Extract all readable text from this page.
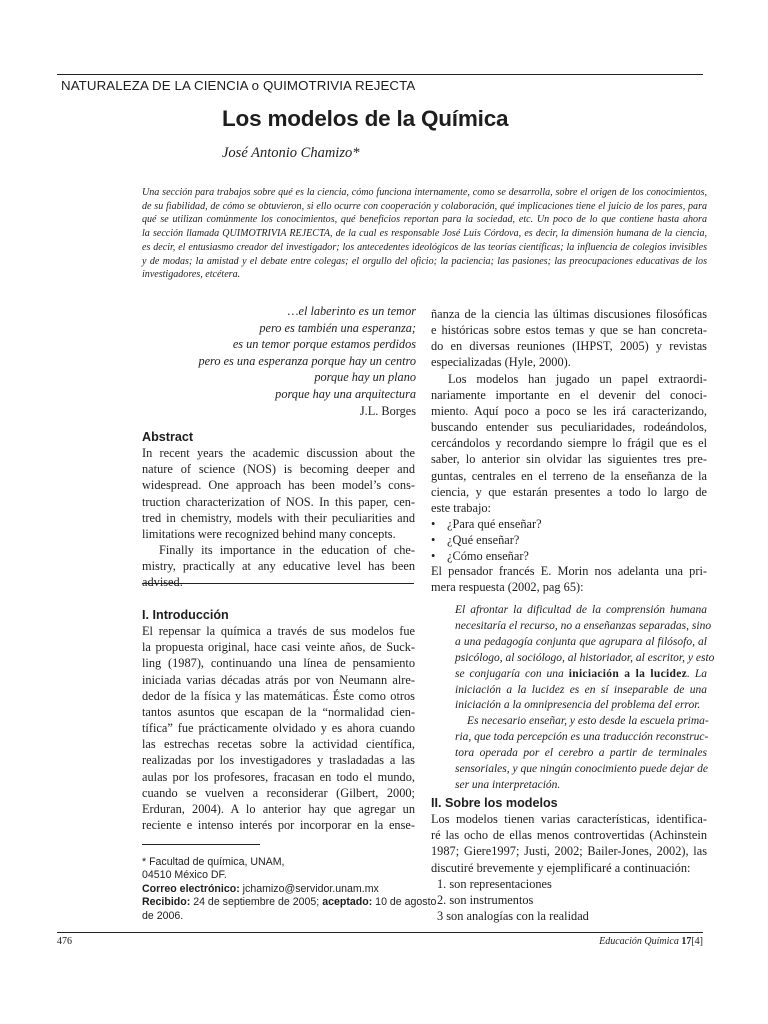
NATURALEZA DE LA CIENCIA o QUIMOTRIVIA REJECTA
Los modelos de la Química
José Antonio Chamizo*
Una sección para trabajos sobre qué es la ciencia, cómo funciona internamente, como se desarrolla, sobre el origen de los conocimientos,
de su fiabilidad, de cómo se obtuvieron, si ello ocurre con cooperación y colaboración, qué implicaciones tiene el juicio de los pares, para
qué se utilizan comúnmente los conocimientos, qué beneficios reportan para la sociedad, etc. Un poco de lo que contiene hasta ahora
la sección llamada QUIMOTRIVIA REJECTA, de la cual es responsable José Luis Córdova, es decir, la dimensión humana de la ciencia,
es decir, el entusiasmo creador del investigador; los antecedentes ideológicos de las teorías científicas; la influencia de colegios invisibles
y de modas; la amistad y el debate entre colegas; el orgullo del oficio; la paciencia; las pasiones; las preocupaciones educativas de los
investigadores, etcétera.
…el laberinto es un temor
pero es también una esperanza;
es un temor porque estamos perdidos
pero es una esperanza porque hay un centro
porque hay un plano
porque hay una arquitectura
J.L. Borges
Abstract
In recent years the academic discussion about the
nature of science (NOS) is becoming deeper and
widespread. One approach has been model’s cons-
truction characterization of NOS. In this paper, cen-
tred in chemistry, models with their peculiarities and
limitations were recognized behind many concepts.
Finally its importance in the education of che-
mistry, practically at any educative level has been
advised.
I. Introducción
El repensar la química a través de sus modelos fue
la propuesta original, hace casi veinte años, de Suck-
ling (1987), continuando una línea de pensamiento
iniciada varias décadas atrás por von Neumann alre-
dedor de la física y las matemáticas. Éste como otros
tantos asuntos que escapan de la “normalidad cien-
tífica” fue prácticamente olvidado y es ahora cuando
las estrechas recetas sobre la actividad científica,
realizadas por los investigadores y trasladadas a las
aulas por los profesores, fracasan en todo el mundo,
cuando se vuelven a reconsiderar (Gilbert, 2000;
Erduran, 2004). A lo anterior hay que agregar un
reciente e intenso interés por incorporar en la ense-
* Facultad de química, UNAM,
04510 México DF.
Correo electrónico: jchamizo@servidor.unam.mx
Recibido: 24 de septiembre de 2005; aceptado: 10 de agosto
de 2006.
ñanza de la ciencia las últimas discusiones filosóficas
e históricas sobre estos temas y que se han concreta-
do en diversas reuniones (IHPST, 2005) y revistas
especializadas (Hyle, 2000).
Los modelos han jugado un papel extraordi-
nariamente importante en el devenir del conoci-
miento. Aquí poco a poco se les irá caracterizando,
buscando entender sus peculiaridades, rodeándolos,
cercándolos y recordando siempre lo frágil que es el
saber, lo anterior sin olvidar las siguientes tres pre-
guntas, centrales en el terreno de la enseñanza de la
ciencia, y que estarán presentes a todo lo largo de
este trabajo:
• ¿Para qué enseñar?
• ¿Qué enseñar?
• ¿Cómo enseñar?
El pensador francés E. Morin nos adelanta una pri-
mera respuesta (2002, pag 65):
El afrontar la dificultad de la comprensión humana
necesitaría el recurso, no a enseñanzas separadas, sino
a una pedagogía conjunta que agrupara al filósofo, al
psicólogo, al sociólogo, al historiador, al escritor, y esto
se conjugaría con una iniciación a la lucidez. La
iniciación a la lucidez es en sí inseparable de una
iniciación a la omnipresencia del problema del error.
Es necesario enseñar, y esto desde la escuela prima-
ria, que toda percepción es una traducción reconstruc-
tora operada por el cerebro a partir de terminales
sensoriales, y que ningún conocimiento puede dejar de
ser una interpretación.
II. Sobre los modelos
Los modelos tienen varias características, identifica-
ré las ocho de ellas menos controvertidas (Achinstein
1987; Giere1997; Justi, 2002; Bailer-Jones, 2002), las
discutiré brevemente y ejemplificaré a continuación:
1. son representaciones
2. son instrumentos
3 son analogías con la realidad
476	Educación Química 17[4]
